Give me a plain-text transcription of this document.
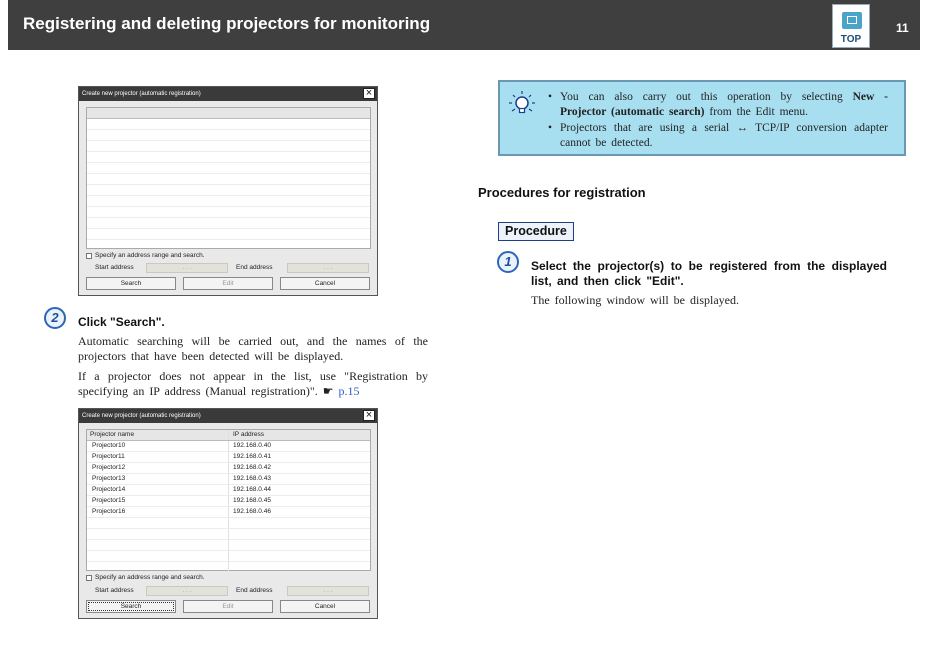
Registering and deleting projectors for monitoring
TOP
11
Create new projector (automatic registration)	×
Specify an address range and search.
Start address	. . .	End address	. . .
Search	Edit	Cancel
2	Click "Search".
Automatic searching will be carried out, and the names of the projectors that have been detected will be displayed.
If a projector does not appear in the list, use "Registration by specifying an IP address (Manual registration)". ☛ p.15
Create new projector (automatic registration)	×
Projector name	IP address
Projector10	192.168.0.40
Projector11	192.168.0.41
Projector12	192.168.0.42
Projector13	192.168.0.43
Projector14	192.168.0.44
Projector15	192.168.0.45
Projector16	192.168.0.46
Specify an address range and search.
Start address	. . .	End address	. . .
Search	Edit	Cancel
• You can also carry out this operation by selecting New - Projector (automatic search) from the Edit menu.
• Projectors that are using a serial ↔ TCP/IP conversion adapter cannot be detected.
Procedures for registration
Procedure
1	Select the projector(s) to be registered from the displayed list, and then click "Edit".
The following window will be displayed.
